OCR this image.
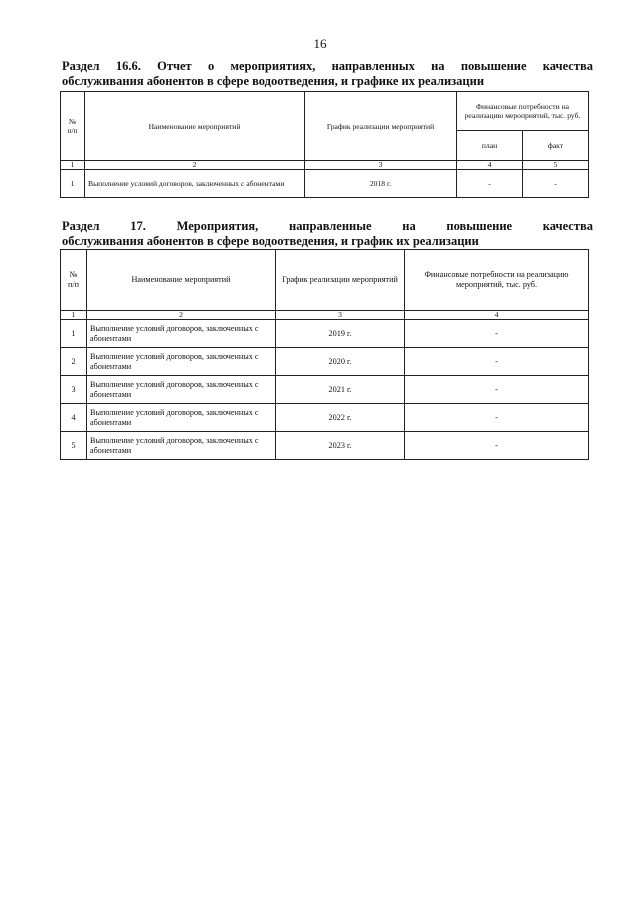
16
Раздел 16.6. Отчет о мероприятиях, направленных на повышение качества
обслуживания абонентов в сфере водоотведения, и графике их реализации
№
п/п	Наименование мероприятий	График реализации мероприятий	Финансовые потребности на реализацию мероприятий, тыс. руб.	
			план	факт
1	2	3	4	5
1	Выполнение условий договоров, заключенных с абонентами	2018 г.	-	-
Раздел 17. Мероприятия, направленные на повышение качества
обслуживания абонентов в сфере водоотведения, и график их реализации
№
п/п	Наименование мероприятий	График реализации мероприятий	Финансовые потребности на реализацию мероприятий, тыс. руб.
1	2	3	4
1	Выполнение условий договоров, заключенных с абонентами	2019 г.	-
2	Выполнение условий договоров, заключенных с абонентами	2020 г.	-
3	Выполнение условий договоров, заключенных с абонентами	2021 г.	-
4	Выполнение условий договоров, заключенных с абонентами	2022 г.	-
5	Выполнение условий договоров, заключенных с абонентами	2023 г.	-
